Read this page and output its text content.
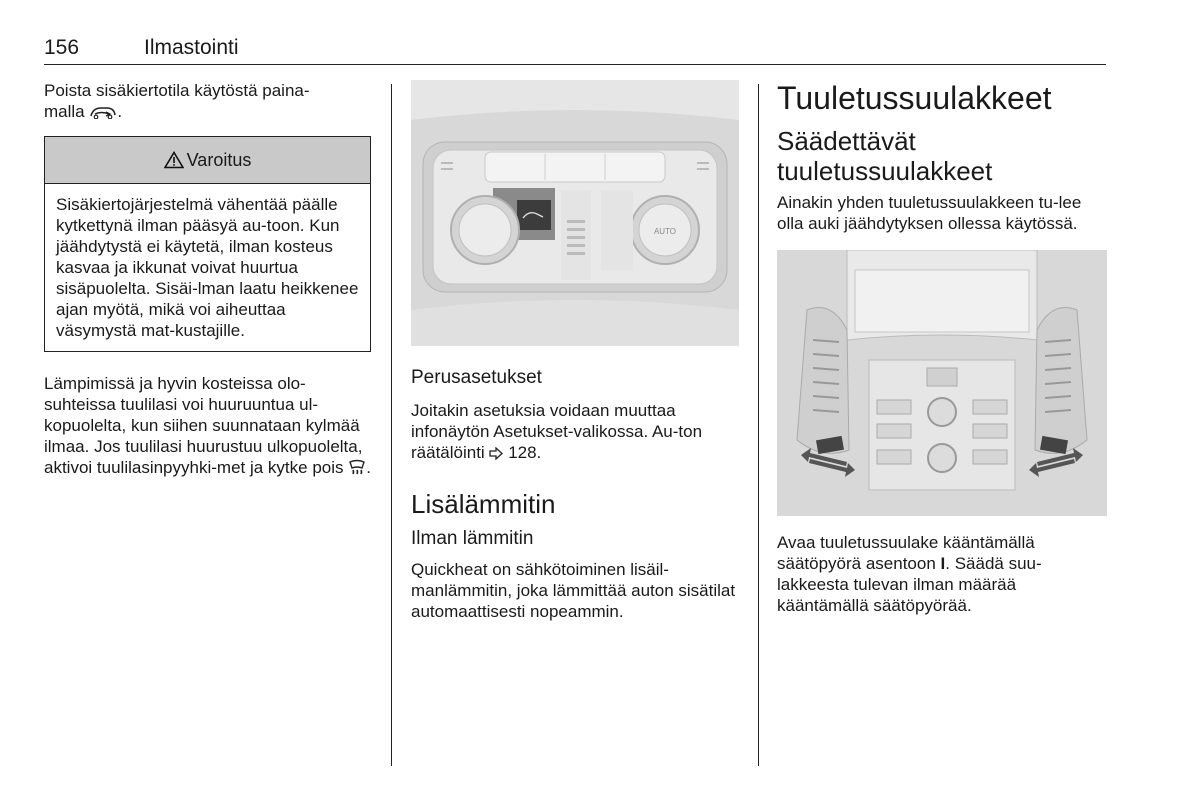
156	Ilmastointi

Poista sisäkiertotila käytöstä paina-
malla .

Varoitus

Sisäkiertojärjestelmä vähentää päälle kytkettynä ilman pääsyä au-toon. Kun jäähdytystä ei käytetä, ilman kosteus kasvaa ja ikkunat voivat huurtua sisäpuolelta. Sisäi-lman laatu heikkenee ajan myötä, mikä voi aiheuttaa väsymystä mat-kustajille.

Lämpimissä ja hyvin kosteissa olo-suhteissa tuulilasi voi huuruuntua ul-kopuolelta, kun siihen suunnataan kylmää ilmaa. Jos tuulilasi huurustuu ulkopuolelta, aktivoi tuulilasinpyyhki-met ja kytke pois .

AUTO

Perusasetukset

Joitakin asetuksia voidaan muuttaa infonäytön Asetukset-valikossa. Au-ton räätälöinti 128.

Lisälämmitin

Ilman lämmitin

Quickheat on sähkötoiminen lisäil-manlämmitin, joka lämmittää auton sisätilat automaattisesti nopeammin.

Tuuletussuulakkeet

Säädettävät
tuuletussuulakkeet

Ainakin yhden tuuletussuulakkeen tu-lee olla auki jäähdytyksen ollessa käytössä.

Avaa tuuletussuulake kääntämällä säätöpyörä asentoon I. Säädä suu-lakkeesta tulevan ilman määrää kääntämällä säätöpyörää.
